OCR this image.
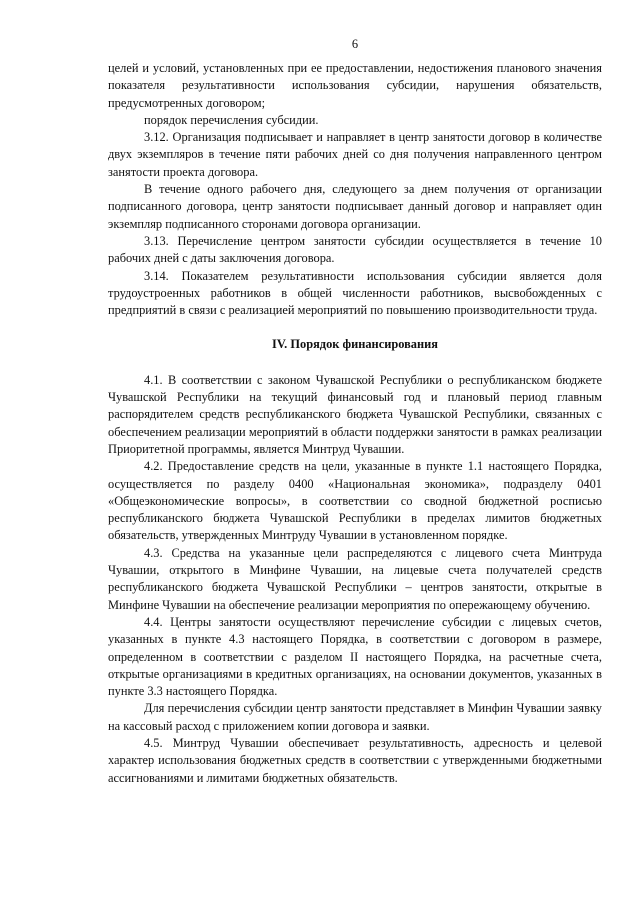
6

целей и условий, установленных при ее предоставлении, недостижения планового значения показателя результативности использования субсидии, нарушения обязательств, предусмотренных договором;

порядок перечисления субсидии.

3.12. Организация подписывает и направляет в центр занятости договор в количестве двух экземпляров в течение пяти рабочих дней со дня получения направленного центром занятости проекта договора.

В течение одного рабочего дня, следующего за днем получения от организации подписанного договора, центр занятости подписывает данный договор и направляет один экземпляр подписанного сторонами договора организации.

3.13. Перечисление центром занятости субсидии осуществляется в течение 10 рабочих дней с даты заключения договора.

3.14. Показателем результативности использования субсидии является доля трудоустроенных работников в общей численности работников, высвобожденных с предприятий в связи с реализацией мероприятий по повышению производительности труда.

IV. Порядок финансирования

4.1. В соответствии с законом Чувашской Республики о республиканском бюджете Чувашской Республики на текущий финансовый год и плановый период главным распорядителем средств республиканского бюджета Чувашской Республики, связанных с обеспечением реализации мероприятий в области поддержки занятости в рамках реализации Приоритетной программы, является Минтруд Чувашии.

4.2. Предоставление средств на цели, указанные в пункте 1.1 настоящего Порядка, осуществляется по разделу 0400 «Национальная экономика», подразделу 0401 «Общеэкономические вопросы», в соответствии со сводной бюджетной росписью республиканского бюджета Чувашской Республики в пределах лимитов бюджетных обязательств, утвержденных Минтруду Чувашии в установленном порядке.

4.3. Средства на указанные цели распределяются с лицевого счета Минтруда Чувашии, открытого в Минфине Чувашии, на лицевые счета получателей средств республиканского бюджета Чувашской Республики – центров занятости, открытые в Минфине Чувашии на обеспечение реализации мероприятия по опережающему обучению.

4.4. Центры занятости осуществляют перечисление субсидии с лицевых счетов, указанных в пункте 4.3 настоящего Порядка, в соответствии с договором в размере, определенном в соответствии с разделом II настоящего Порядка, на расчетные счета, открытые организациями в кредитных организациях, на основании документов, указанных в пункте 3.3 настоящего Порядка.

Для перечисления субсидии центр занятости представляет в Минфин Чувашии заявку на кассовый расход с приложением копии договора и заявки.

4.5. Минтруд Чувашии обеспечивает результативность, адресность и целевой характер использования бюджетных средств в соответствии с утвержденными бюджетными ассигнованиями и лимитами бюджетных обязательств.
